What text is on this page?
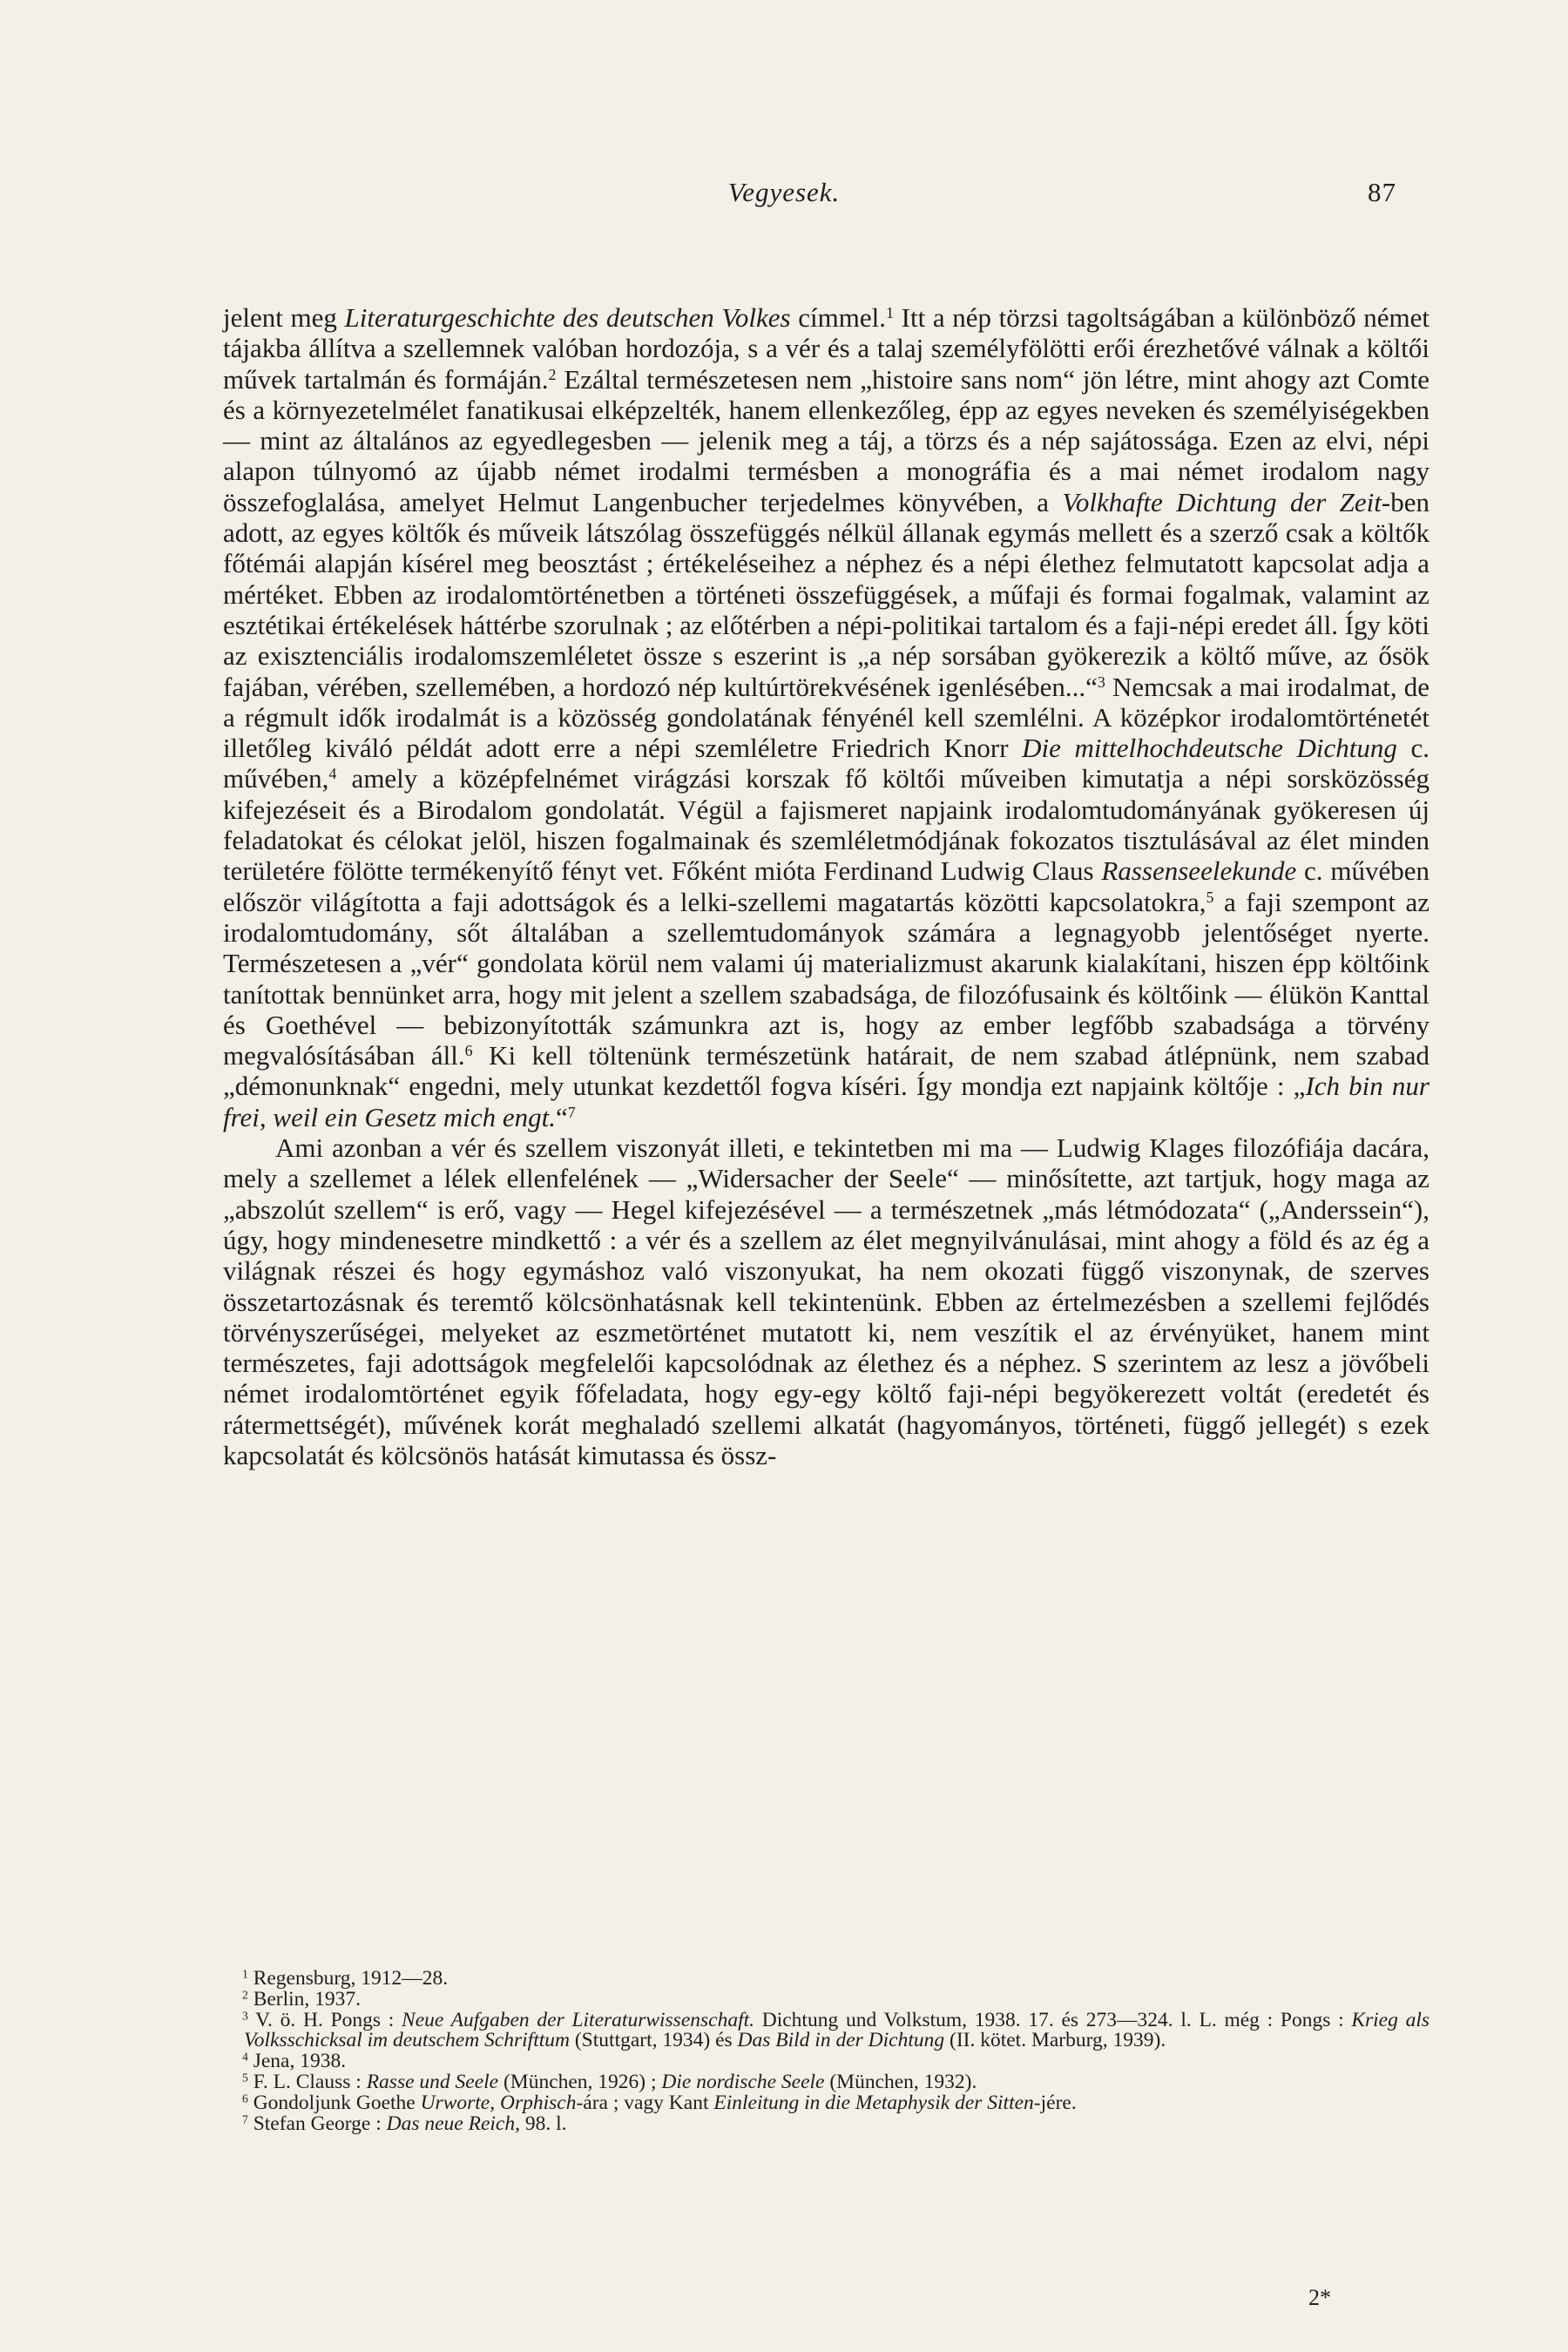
Vegyesek.	87

jelent meg Literaturgeschichte des deutschen Volkes címmel.$^1$ Itt a nép törzsi tagoltságában a különböző német tájakba állítva a szellemnek valóban hordozója, s a vér és a talaj személyfölötti erői érezhetővé válnak a költői művek tartalmán és formáján.$^2$ Ezáltal természetesen nem „histoire sans nom“ jön létre, mint ahogy azt Comte és a környezetelmélet fanatikusai elképzelték, hanem ellenkezőleg, épp az egyes neveken és személyiségekben — mint az általános az egyedlegesben — jelenik meg a táj, a törzs és a nép sajátossága. Ezen az elvi, népi alapon túlnyomó az újabb német irodalmi termésben a monográfia és a mai német irodalom nagy összefoglalása, amelyet Helmut Langenbucher terjedelmes könyvében, a Volkhafte Dichtung der Zeit-ben adott, az egyes költők és műveik látszólag összefüggés nélkül állanak egymás mellett és a szerző csak a költők főtémái alapján kísérel meg beosztást ; értékeléseihez a néphez és a népi élethez felmutatott kapcsolat adja a mértéket. Ebben az irodalomtörténetben a történeti összefüggések, a műfaji és formai fogalmak, valamint az esztétikai értékelések háttérbe szorulnak ; az előtérben a népi-politikai tartalom és a faji-népi eredet áll. Így köti az exisztenciális irodalomszemléletet össze s eszerint is „a nép sorsában gyökerezik a költő műve, az ősök fajában, vérében, szellemében, a hordozó nép kultúrtörekvésének igenlésében...“$^3$ Nemcsak a mai irodalmat, de a régmult idők irodalmát is a közösség gondolatának fényénél kell szemlélni. A középkor irodalomtörténetét illetőleg kiváló példát adott erre a népi szemléletre Friedrich Knorr Die mittelhochdeutsche Dichtung c. művében,$^4$ amely a középfelnémet virágzási korszak fő költői műveiben kimutatja a népi sorsközösség kifejezéseit és a Birodalom gondolatát. Végül a fajismeret napjaink irodalomtudományának gyökeresen új feladatokat és célokat jelöl, hiszen fogalmainak és szemléletmódjának fokozatos tisztulásával az élet minden területére fölötte termékenyítő fényt vet. Főként mióta Ferdinand Ludwig Claus Rassenseelekunde c. művében először világította a faji adottságok és a lelki-szellemi magatartás közötti kapcsolatokra,$^5$ a faji szempont az irodalomtudomány, sőt általában a szellemtudományok számára a legnagyobb jelentőséget nyerte. Természetesen a „vér“ gondolata körül nem valami új materializmust akarunk kialakítani, hiszen épp költőink tanítottak bennünket arra, hogy mit jelent a szellem szabadsága, de filozófusaink és költőink — élükön Kanttal és Goethével — bebizonyították számunkra azt is, hogy az ember legfőbb szabadsága a törvény megvalósításában áll.$^6$ Ki kell töltenünk természetünk határait, de nem szabad átlépnünk, nem szabad „démonunknak“ engedni, mely utunkat kezdettől fogva kíséri. Így mondja ezt napjaink költője : „Ich bin nur frei, weil ein Gesetz mich engt.“$^7$

Ami azonban a vér és szellem viszonyát illeti, e tekintetben mi ma — Ludwig Klages filozófiája dacára, mely a szellemet a lélek ellenfelének — „Widersacher der Seele“ — minősítette, azt tartjuk, hogy maga az „abszolút szellem“ is erő, vagy — Hegel kifejezésével — a természetnek „más létmódozata“ („Anderssein“), úgy, hogy mindenesetre mindkettő : a vér és a szellem az élet megnyilvánulásai, mint ahogy a föld és az ég a világnak részei és hogy egymáshoz való viszonyukat, ha nem okozati függő viszonynak, de szerves összetartozásnak és teremtő kölcsönhatásnak kell tekintenünk. Ebben az értelmezésben a szellemi fejlődés törvényszerűségei, melyeket az eszmetörténet mutatott ki, nem veszítik el az érvényüket, hanem mint természetes, faji adottságok megfelelői kapcsolódnak az élethez és a néphez. S szerintem az lesz a jövőbeli német irodalomtörténet egyik főfeladata, hogy egy-egy költő faji-népi begyökerezett voltát (eredetét és rátermettségét), művének korát meghaladó szellemi alkatát (hagyományos, történeti, függő jellegét) s ezek kapcsolatát és kölcsönös hatását kimutassa és össz-

$^1$ Regensburg, 1912—28.

$^2$ Berlin, 1937.

$^3$ V. ö. H. Pongs : Neue Aufgaben der Literaturwissenschaft. Dichtung und Volkstum, 1938. 17. és 273—324. l. L. még : Pongs : Krieg als Volksschicksal im deutschem Schrifttum (Stuttgart, 1934) és Das Bild in der Dichtung (II. kötet. Marburg, 1939).

$^4$ Jena, 1938.

$^5$ F. L. Clauss : Rasse und Seele (München, 1926) ; Die nordische Seele (München, 1932).

$^6$ Gondoljunk Goethe Urworte, Orphisch-ára ; vagy Kant Einleitung in die Metaphysik der Sitten-jére.

$^7$ Stefan George : Das neue Reich, 98. l.

2*
